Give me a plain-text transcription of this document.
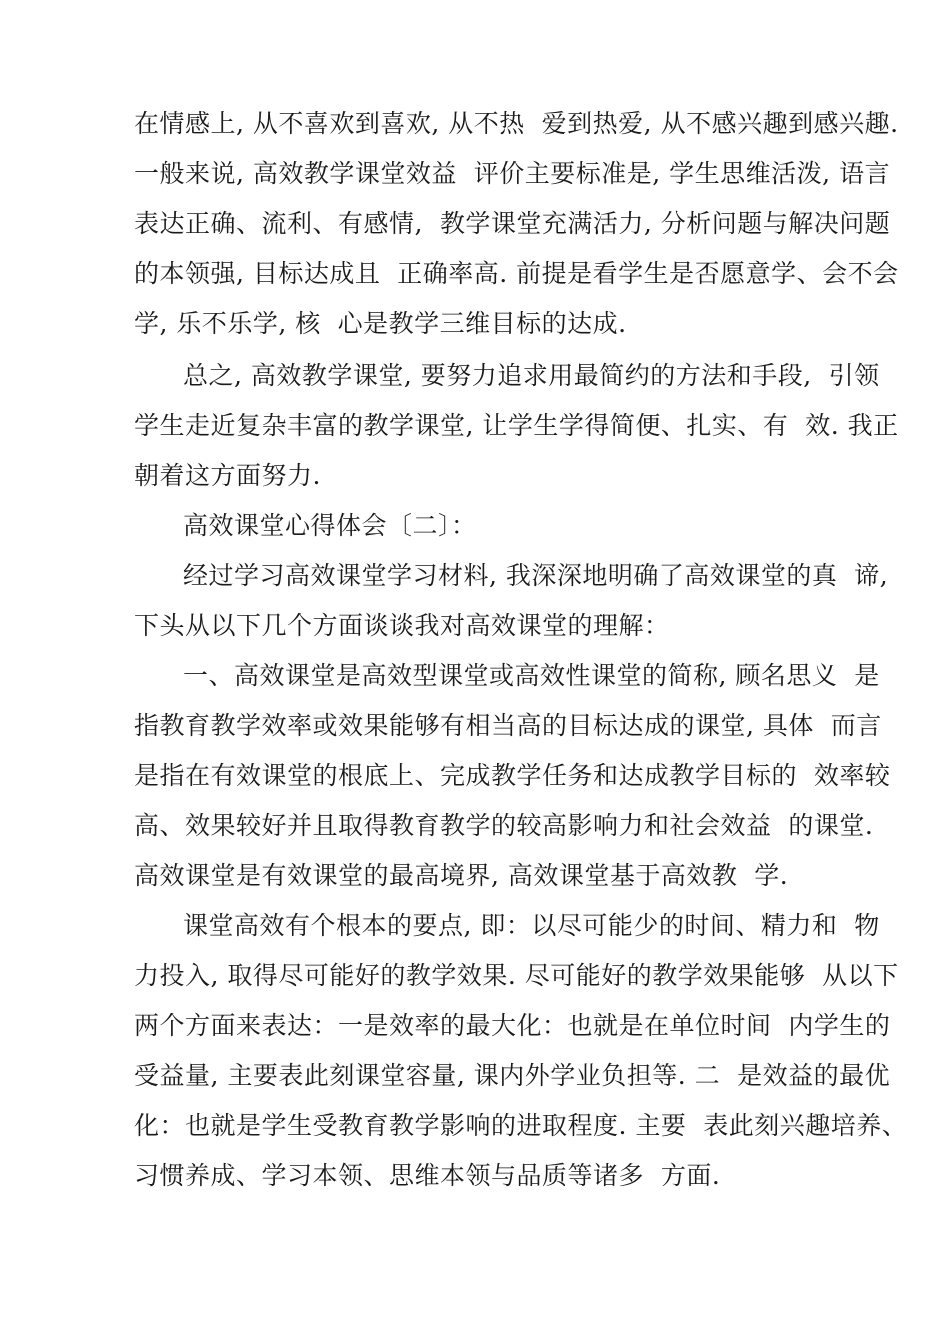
在情感上, 从不喜欢到喜欢, 从不热  爱到热爱, 从不感兴趣到感兴趣.
一般来说, 高效教学课堂效益  评价主要标准是, 学生思维活泼, 语言
表达正确、流利、有感情,  教学课堂充满活力, 分析问题与解决问题
的本领强, 目标达成且  正确率高. 前提是看学生是否愿意学、会不会
学, 乐不乐学, 核  心是教学三维目标的达成.
总之, 高效教学课堂, 要努力追求用最简约的方法和手段,  引领
学生走近复杂丰富的教学课堂, 让学生学得简便、扎实、有  效. 我正
朝着这方面努力.
高效课堂心得体会〔二〕：
经过学习高效课堂学习材料, 我深深地明确了高效课堂的真  谛,
下头从以下几个方面谈谈我对高效课堂的理解：
一、高效课堂是高效型课堂或高效性课堂的简称, 顾名思义  是
指教育教学效率或效果能够有相当高的目标达成的课堂, 具体  而言
是指在有效课堂的根底上、完成教学任务和达成教学目标的  效率较
高、效果较好并且取得教育教学的较高影响力和社会效益  的课堂.
高效课堂是有效课堂的最高境界, 高效课堂基于高效教  学.
课堂高效有个根本的要点, 即：以尽可能少的时间、精力和  物
力投入, 取得尽可能好的教学效果. 尽可能好的教学效果能够  从以下
两个方面来表达：一是效率的最大化：也就是在单位时间  内学生的
受益量, 主要表此刻课堂容量, 课内外学业负担等. 二  是效益的最优
化：也就是学生受教育教学影响的进取程度. 主要  表此刻兴趣培养、
习惯养成、学习本领、思维本领与品质等诸多  方面.
